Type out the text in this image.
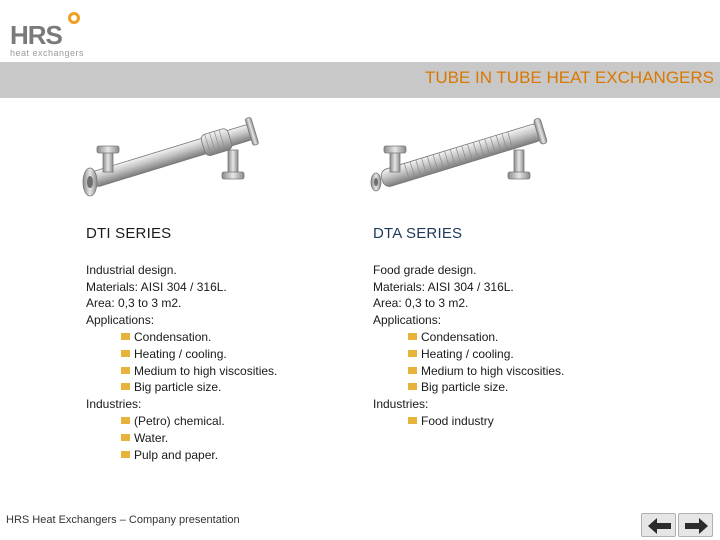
HRS
heat exchangers
TUBE IN TUBE HEAT EXCHANGERS
DTI SERIES
Industrial design.
Materials: AISI 304 / 316L.
Area: 0,3 to 3 m2.
Applications:
Condensation.
Heating / cooling.
Medium to high viscosities.
Big particle size.
Industries:
(Petro) chemical.
Water.
Pulp and paper.
DTA SERIES
Food grade design.
Materials: AISI 304 / 316L.
Area: 0,3 to 3 m2.
Applications:
Condensation.
Heating / cooling.
Medium to high viscosities.
Big particle size.
Industries:
Food industry
HRS Heat Exchangers – Company presentation
